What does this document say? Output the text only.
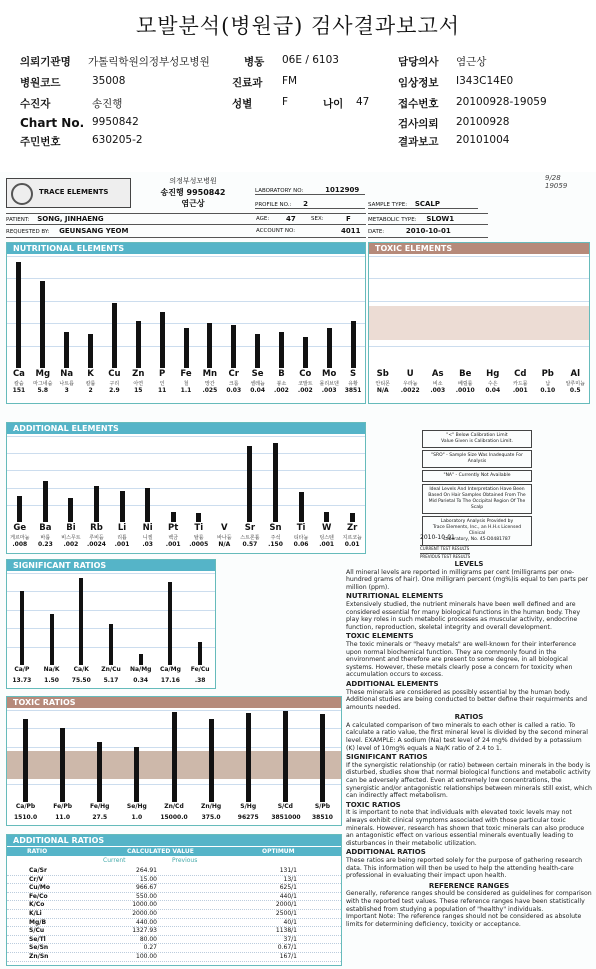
모발분석(병원급) 검사결과보고서
의뢰기관명 가톨릭학원의정부성모병원	병동 06E / 6103	담당의사 염근상
병원코드	35008	진료과 FM	임상정보 I343C14E0
수진자	송진행	성별	F	나이 47	접수번호 20100928-19059
Chart No. 9950842	검사의뢰 20100928
주민번호	630205-2	결과보고 20101004
TRACE ELEMENTS
의정부성모병원
송진행 9950842
염근상
9/28 19059
LABORATORY NO:	1012909
PROFILE NO.: 2	SAMPLE TYPE: SCALP
PATIENT: SONG, JINHAENG	AGE: 47	SEX:	F	METABOLIC TYPE: SLOW1
REQUESTED BY: GEUNSANG YEOM	ACCOUNT NO:	4011 DATE:	2010-10-01
NUTRITIONAL ELEMENTS
Ca
칼슘
151
Mg
마그네슘
5.8
Na
나트륨
3
K
칼륨
2
Cu
구리
2.9
Zn
아연
15
P
인
11
Fe
철
1.1
Mn
망간
.025
Cr
크롬
0.03
Se
셀레늄
0.04
B
붕소
.002
Co
코발트
.002
Mo
몰리브덴
.003
S
유황
3851
TOXIC ELEMENTS
Sb
안티몬
N/A
U
우라늄
.0022
As
비소
.003
Be
베릴륨
.0010
Hg
수은
0.04
Cd
카드뮴
.001
Pb
납
0.10
Al
알루미늄
0.5
ADDITIONAL ELEMENTS
Ge
게르마늄
.008
Ba
바륨
0.23
Bi
비스무트
.002
Rb
루비듐
.0024
Li
리튬
.001
Ni
니켈
.03
Pt
백금
.001
Ti
탈륨
.0005
V
바나듐
N/A
Sr
스트론튬
0.57
Sn
주석
.150
Ti
티타늄
0.06
W
텅스텐
.001
Zr
지르코늄
0.01
"<" Below Calibration Limit
Value Given is Calibration Limit.
"SRO" - Sample Size Was Inadequate For Analysis
"NA" - Currently Not Available
Ideal Levels And Interpretation Have Been Based On Hair Samples Obtained From The Mid Parietal To The Occipital Region Of The Scalp
Laboratory Analysis Provided by
Trace Elements, Inc., an H.H.s Licensed Clinical
Laboratory, No. 45-D0481787
2010-10-01
CURRENT TEST RESULTS
PREVIOUS TEST RESULTS
SIGNIFICANT RATIOS
Ca/P
13.73
Na/K
1.50
Ca/K
75.50
Zn/Cu
5.17
Na/Mg
0.34
Ca/Mg
17.16
Fe/Cu
.38
TOXIC RATIOS
Ca/Pb
1510.0
Fe/Pb
11.0
Fe/Hg
27.5
Se/Hg
1.0
Zn/Cd
15000.0
Zn/Hg
375.0
S/Hg
96275
S/Cd
3851000
S/Pb
38510
ADDITIONAL RATIOS
RATIO	CALCULATED VALUE	OPTIMUM
Current	Previous
Ca/Sr	264.91	131/1
Cr/V	15.00	13/1
Cu/Mo	966.67	625/1
Fe/Co	550.00	440/1
K/Co	1000.00	2000/1
K/Li	2000.00	2500/1
Mg/B	440.00	40/1
S/Cu	1327.93	1138/1
Se/Tl	80.00	37/1
Se/Sn	0.27	0.67/1
Zn/Sn	100.00	167/1
LEVELS

All mineral levels are reported in milligrams per cent (milligrams per one-hundred grams of hair). One milligram percent (mg%)is equal to ten parts per million (ppm).

NUTRITIONAL ELEMENTS

Extensively studied, the nutrient minerals have been well defined and are considered essential for many biological functions in the human body. They play key roles in such metabolic processes as muscular activity, endocrine function, reproduction, skeletal integrity and overall development.

TOXIC ELEMENTS

The toxic minerals or "heavy metals" are well-known for their interference upon normal biochemical function. They are commonly found in the environment and therefore are present to some degree, in all biological systems. However, these metals clearly pose a concern for toxicity when accumulation occurs to excess.

ADDITIONAL ELEMENTS

These minerals are considered as possibly essential by the human body. Additional studies are being conducted to better define their requirments and amounts needed.

RATIOS

A calculated comparison of two minerals to each other is called a ratio. To calculate a ratio value, the first mineral level is divided by the second mineral level. EXAMPLE: A sodium (Na) test level of 24 mg% divided by a potassium (K) level of 10mg% equals a Na/K ratio of 2.4 to 1.

SIGNIFICANT RATIOS

If the synergistic relationship (or ratio) between certain minerals in the body is disturbed, studies show that normal biological functions and metabolic activity can be adversely affected. Even at extremely low concentrations, the synergistic and/or antagonistic relationships between minerals still exist, which can indirectly affect metabolism.

TOXIC RATIOS

It is important to note that individuals with elevated toxic levels may not always exhibit clinical symptoms associated with those particular toxic minerals. However, research has shown that toxic minerals can also produce an antagonistic effect on various essential minerals eventually leading to disturbances in their metabolic utilization.

ADDITIONAL RATIOS

These ratios are being reported solely for the purpose of gathering research data. This information will then be used to help the attending health-care professional in evaluating their impact upon health.

REFERENCE RANGES

Generally, reference ranges should be considered as guidelines for comparison with the reported test values. These reference ranges have been statistically established from studying a population of "healthy" individuals.

Important Note: The reference ranges should not be considered as absolute limits for determining deficiency, toxicity or acceptance.
